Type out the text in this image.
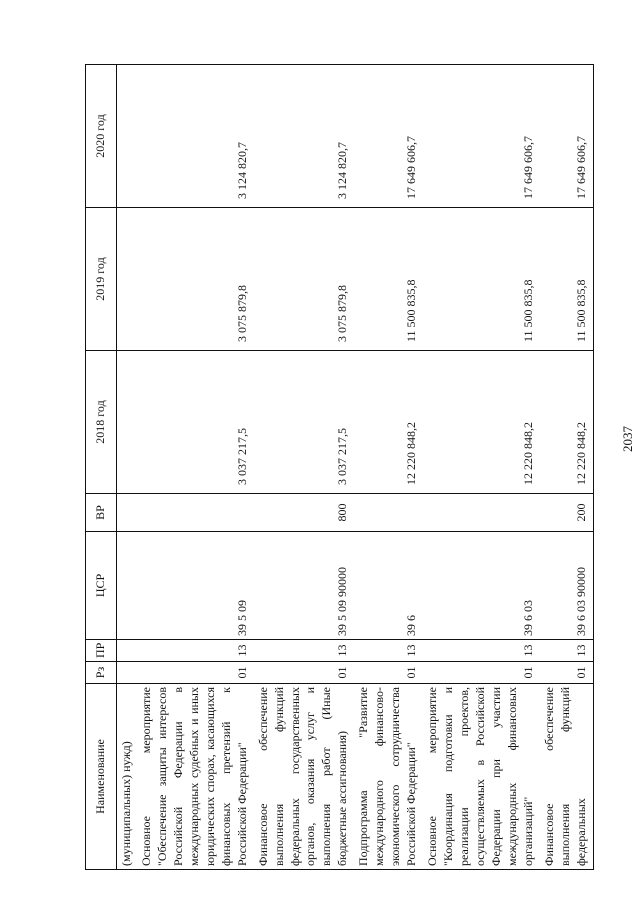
2037
Наименование	Рз	ПР	ЦСР	ВР	2018 год	2019 год	2020 год
(муниципальных) нужд)							
Основное мероприятие "Обеспечение защиты интересов Российской Федерации в международных судебных и иных юридических спорах, касающихся финансовых претензий к Российской Федерации"	01	13	39 5 09		3 037 217,5	3 075 879,8	3 124 820,7
Финансовое обеспечение выполнения функций федеральных государственных органов, оказания услуг и выполнения работ (Иные бюджетные ассигнования)	01	13	39 5 09 90000	800	3 037 217,5	3 075 879,8	3 124 820,7
Подпрограмма "Развитие международного финансово-экономического сотрудничества Российской Федерации"	01	13	39 6		12 220 848,2	11 500 835,8	17 649 606,7
Основное мероприятие "Координация подготовки и реализации проектов, осуществляемых в Российской Федерации при участии международных финансовых организаций"	01	13	39 6 03		12 220 848,2	11 500 835,8	17 649 606,7
Финансовое обеспечение выполнения функций федеральных	01	13	39 6 03 90000	200	12 220 848,2	11 500 835,8	17 649 606,7
